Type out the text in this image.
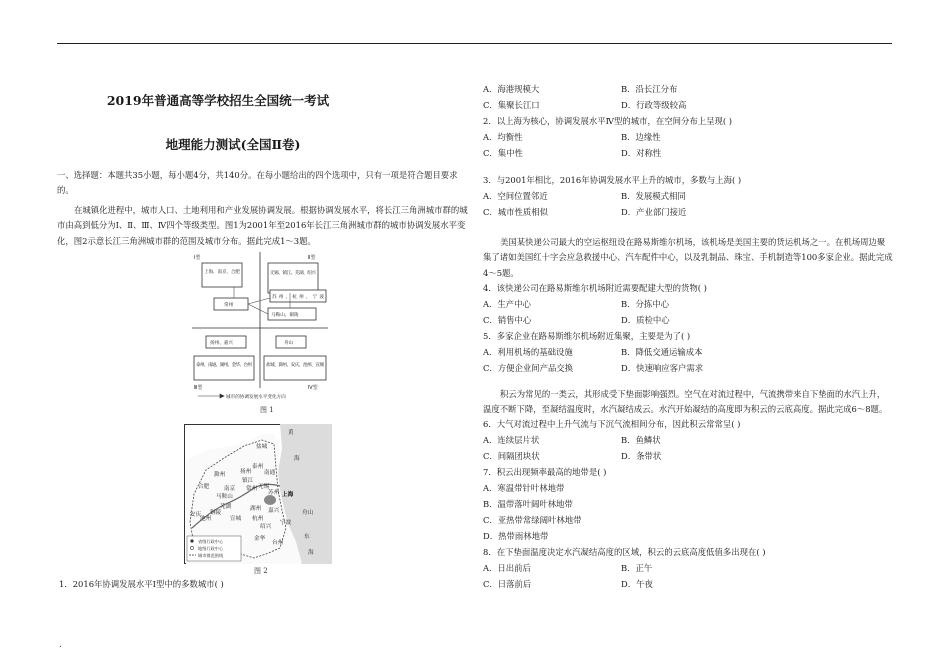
2019年普通高等学校招生全国统一考试
地理能力测试(全国Ⅱ卷)
一、选择题：本题共35小题，每小题4分，共140分。在每小题给出的四个选项中，只有一项是符合题目要求的。
在城镇化进程中，城市人口、土地利用和产业发展协调发展。根据协调发展水平，将长江三角洲城市群的城市由高到低分为Ⅰ、Ⅱ、Ⅲ、Ⅳ四个等级类型。图1为2001年至2016年长江三角洲城市群的城市协调发展水平变化，图2示意长江三角洲城市群的范围及城市分布。据此完成1～3题。
Ⅰ型	Ⅱ型
Ⅲ型	Ⅳ型
上海、南京、合肥	无锡、镇江、芜湖、绍兴
常州
苏州、杭州、宁波
马鞍山、铜陵
扬州、嘉兴	舟山
泰州、南通、湖州、金华、台州	盐城、滁州、安庆、池州、宣城
城市的协调发展水平变化方向
图 1
盐城
泰州
扬州 南通
镇江
常州
滁州
南京
合肥
马鞍山
无锡
苏州 上海
芜湖
铜陵
湖州 嘉兴	舟山
池州	宣城 杭州
绍兴
宁波
安庆
金华
台州
黄
海
东
海
省级行政中心
地级行政中心
城市群范围线
图 2
1．2016年协调发展水平Ⅰ型中的多数城市( )
A．海港规模大	B．沿长江分布
C．集聚长江口	D．行政等级较高
2．以上海为核心，协调发展水平Ⅳ型的城市，在空间分布上呈现( )
A．均衡性	B．边缘性
C．集中性	D．对称性
3．与2001年相比，2016年协调发展水平上升的城市，多数与上海( )
A．空间位置邻近	B．发展模式相同
C．城市性质相似	D．产业部门接近
美国某快递公司最大的空运枢纽设在路易斯维尔机场，该机场是美国主要的货运机场之一。在机场周边聚集了诸如美国红十字会应急救援中心、汽车配件中心，以及乳制品、珠宝、手机制造等100多家企业。据此完成4～5题。
4．该快递公司在路易斯维尔机场附近需要配建大型的货物( )
A．生产中心	B．分拣中心
C．销售中心	D．质检中心
5．多家企业在路易斯维尔机场附近集聚，主要是为了( )
A．利用机场的基础设施	B．降低交通运输成本
C．方便企业间产品交换	D．快速响应客户需求
积云为常见的一类云，其形成受下垫面影响强烈。空气在对流过程中，气流携带来自下垫面的水汽上升，温度不断下降，至凝结温度时，水汽凝结成云。水汽开始凝结的高度即为积云的云底高度。据此完成6～8题。
6．大气对流过程中上升气流与下沉气流相间分布，因此积云常常呈( )
A．连续层片状	B．鱼鳞状
C．间隔团块状	D．条带状
7．积云出现频率最高的地带是( )
A．寒温带针叶林地带
B．温带落叶阔叶林地带
C．亚热带常绿阔叶林地带
D．热带雨林地带
8．在下垫面温度决定水汽凝结高度的区域，积云的云底高度低值多出现在( )
A．日出前后	B．正午
C．日落前后	D．午夜
.
